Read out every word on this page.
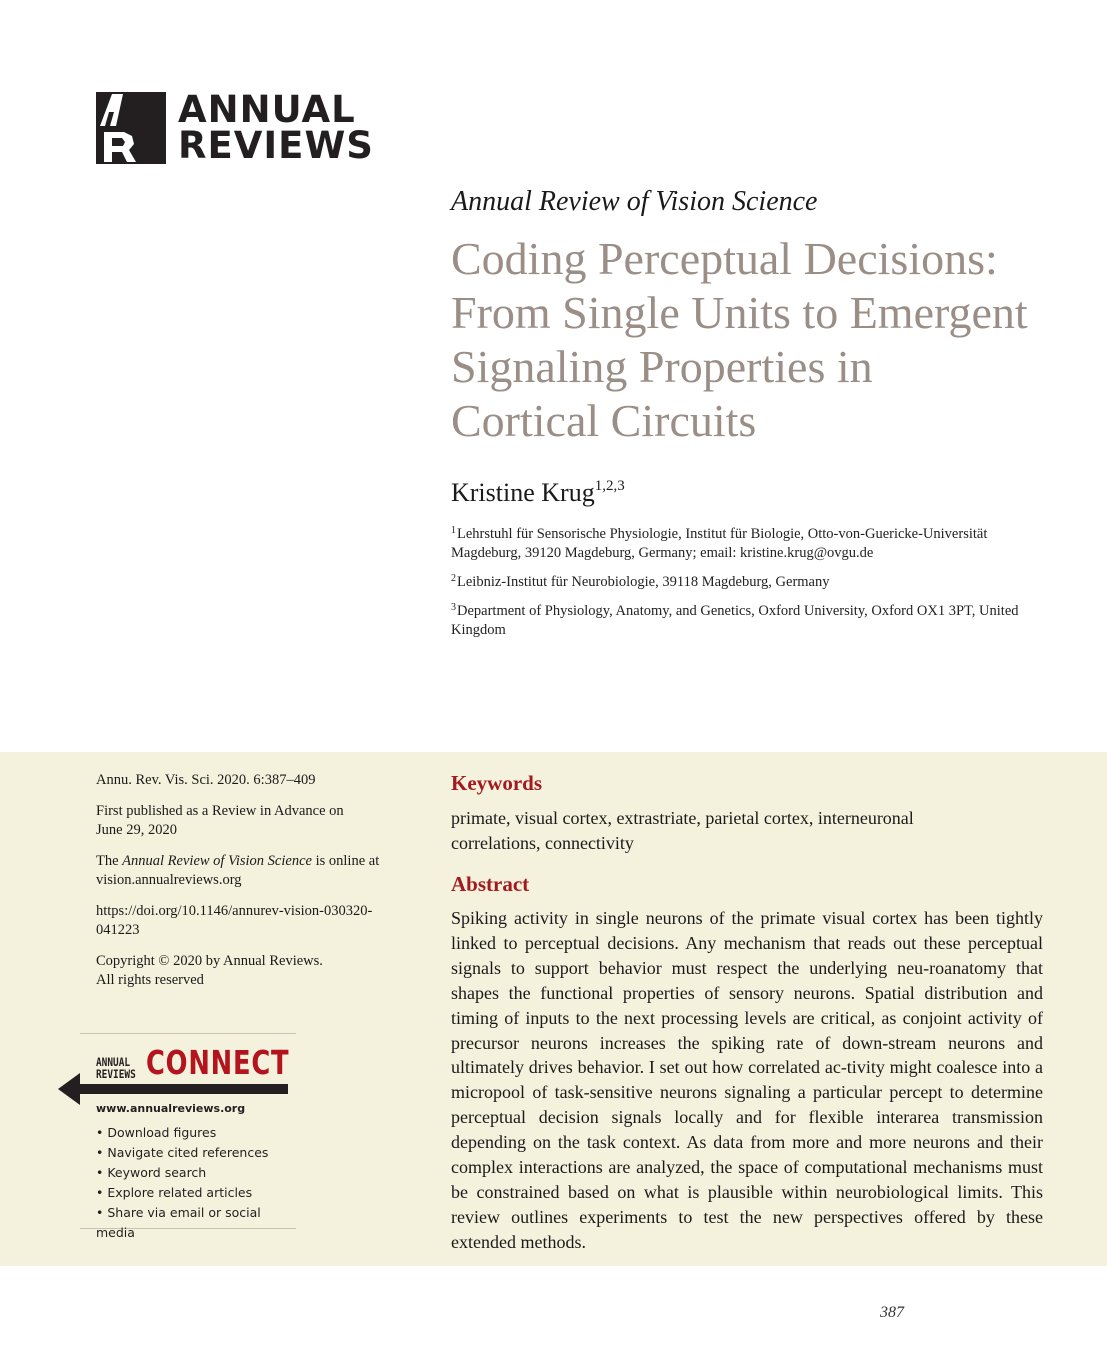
ANNUAL
REVIEWS
Annual Review of Vision Science
Coding Perceptual Decisions:
From Single Units to Emergent
Signaling Properties in
Cortical Circuits
Kristine Krug$^{1,2,3}$
$^1$Lehrstuhl für Sensorische Physiologie, Institut für Biologie, Otto-von-Guericke-Universität Magdeburg, 39120 Magdeburg, Germany; email: kristine.krug@ovgu.de
$^2$Leibniz-Institut für Neurobiologie, 39118 Magdeburg, Germany
$^3$Department of Physiology, Anatomy, and Genetics, Oxford University, Oxford OX1 3PT, United Kingdom

Annu. Rev. Vis. Sci. 2020. 6:387–409

First published as a Review in Advance on
June 29, 2020

The Annual Review of Vision Science is online at
vision.annualreviews.org

https://doi.org/10.1146/annurev-vision-030320-
041223

Copyright © 2020 by Annual Reviews.
All rights reserved

ANNUAL
REVIEWS CONNECT
www.annualreviews.org
• Download figures
• Navigate cited references
• Keyword search
• Explore related articles
• Share via email or social media
Keywords
primate, visual cortex, extrastriate, parietal cortex, interneuronal
correlations, connectivity
Abstract

Spiking activity in single neurons of the primate visual cortex has been tightly linked to perceptual decisions. Any mechanism that reads out these perceptual signals to support behavior must respect the underlying neu-roanatomy that shapes the functional properties of sensory neurons. Spatial distribution and timing of inputs to the next processing levels are critical, as conjoint activity of precursor neurons increases the spiking rate of down-stream neurons and ultimately drives behavior. I set out how correlated ac-tivity might coalesce into a micropool of task-sensitive neurons signaling a particular percept to determine perceptual decision signals locally and for flexible interarea transmission depending on the task context. As data from more and more neurons and their complex interactions are analyzed, the space of computational mechanisms must be constrained based on what is plausible within neurobiological limits. This review outlines experiments to test the new perspectives offered by these extended methods.

387
